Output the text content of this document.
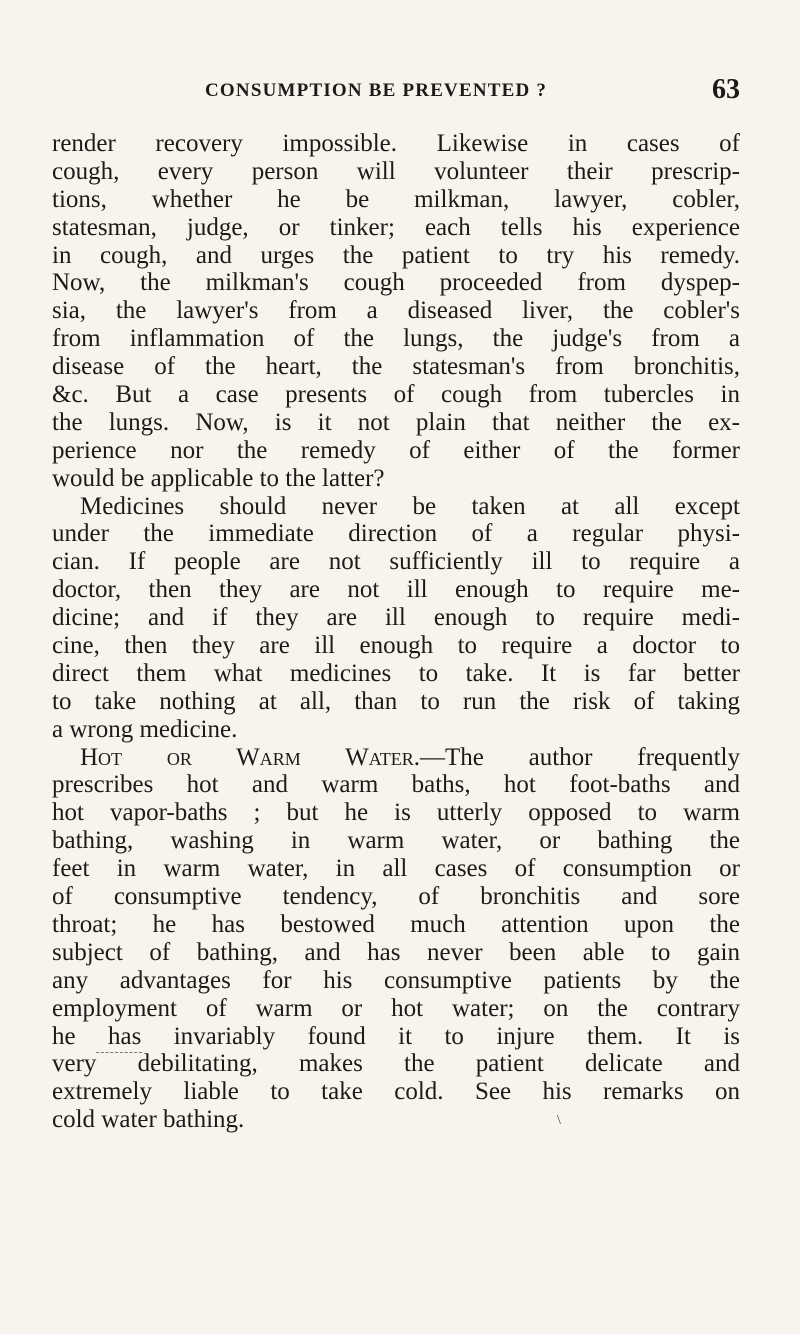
CONSUMPTION BE PREVENTED ?	63
render recovery impossible. Likewise in cases of
cough, every person will volunteer their prescrip-
tions, whether he be milkman, lawyer, cobler,
statesman, judge, or tinker; each tells his experience
in cough, and urges the patient to try his remedy.
Now, the milkman's cough proceeded from dyspep-
sia, the lawyer's from a diseased liver, the cobler's
from inflammation of the lungs, the judge's from a
disease of the heart, the statesman's from bronchitis,
&c. But a case presents of cough from tubercles in
the lungs. Now, is it not plain that neither the ex-
perience nor the remedy of either of the former
would be applicable to the latter?
Medicines should never be taken at all except
under the immediate direction of a regular physi-
cian. If people are not sufficiently ill to require a
doctor, then they are not ill enough to require me-
dicine; and if they are ill enough to require medi-
cine, then they are ill enough to require a doctor to
direct them what medicines to take. It is far better
to take nothing at all, than to run the risk of taking
a wrong medicine.
Hot or Warm Water.—The author frequently
prescribes hot and warm baths, hot foot-baths and
hot vapor-baths ; but he is utterly opposed to warm
bathing, washing in warm water, or bathing the
feet in warm water, in all cases of consumption or
of consumptive tendency, of bronchitis and sore
throat; he has bestowed much attention upon the
subject of bathing, and has never been able to gain
any advantages for his consumptive patients by the
employment of warm or hot water; on the contrary
he has invariably found it to injure them. It is
very debilitating, makes the patient delicate and
extremely liable to take cold. See his remarks on
cold water bathing.	\
